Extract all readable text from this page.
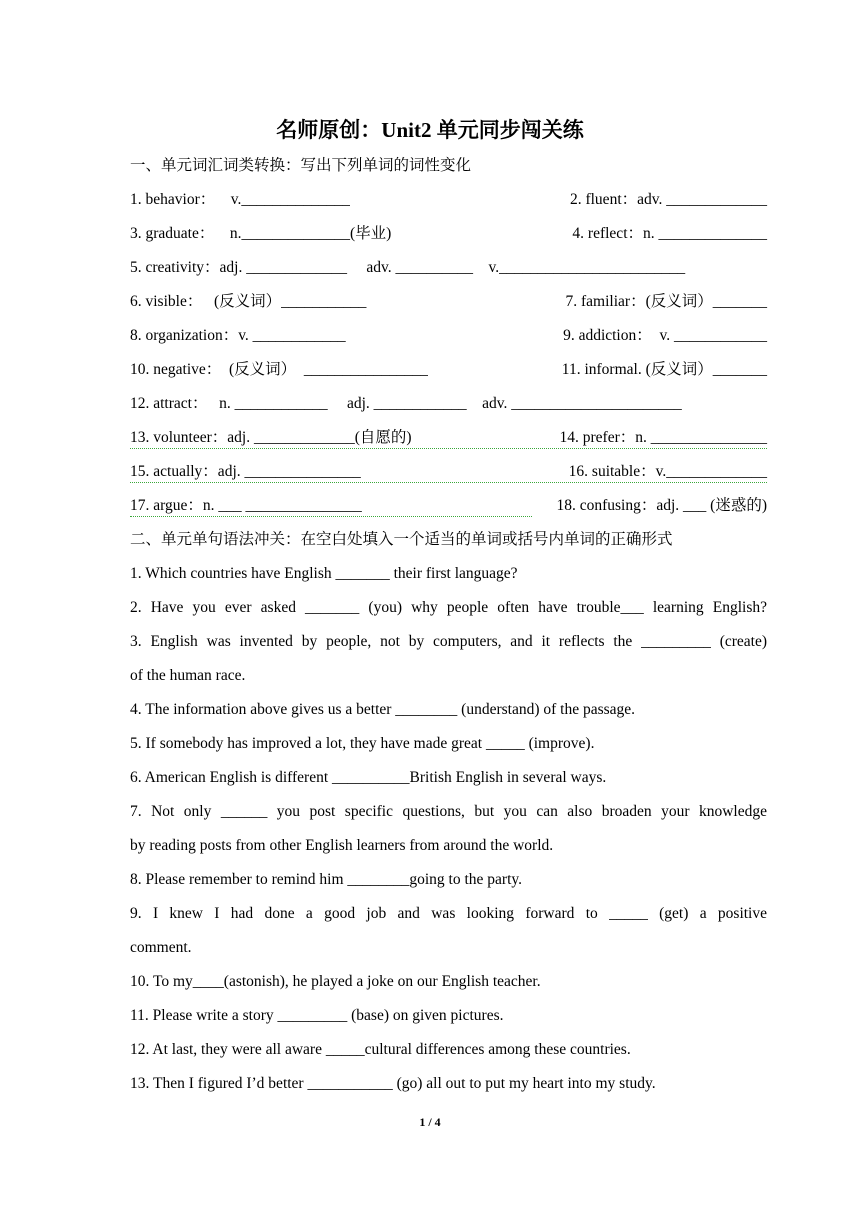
名师原创：Unit2 单元同步闯关练
一、单元词汇词类转换：写出下列单词的词性变化
1. behavior：    v.______________	2. fluent：adv. _____________
3. graduate：    n.______________(毕业)	4. reflect：n. ______________
5. creativity：adj. _____________     adv. __________    v.________________________
6. visible：   (反义词）___________	7. familiar：(反义词）_______
8. organization：v. ____________	9. addiction：  v. ____________
10. negative：  (反义词）  ________________	11. informal. (反义词）_______
12. attract：   n. ____________     adj. ____________    adv. ______________________
13. volunteer：adj. _____________(自愿的)	14. prefer：n. _______________
15. actually：adj. _______________	16. suitable：v._____________
17. argue：n. ___ _______________	18. confusing：adj. ___ (迷惑的)
二、单元单句语法冲关：在空白处填入一个适当的单词或括号内单词的正确形式
1. Which countries have English _______ their first language?
2. Have you ever asked _______ (you) why people often have trouble___ learning English?
3. English was invented by people, not by computers, and it reflects the _________ (create)
of the human race.
4. The information above gives us a better ________ (understand) of the passage.
5. If somebody has improved a lot, they have made great _____ (improve).
6. American English is different __________British English in several ways.
7. Not only ______ you post specific questions, but you can also broaden your knowledge
by reading posts from other English learners from around the world.
8. Please remember to remind him ________going to the party.
9. I knew I had done a good job and was looking forward to _____ (get) a positive
comment.
10. To my____(astonish), he played a joke on our English teacher.
11. Please write a story _________ (base) on given pictures.
12. At last, they were all aware _____cultural differences among these countries.
13. Then I figured I’d better ___________ (go) all out to put my heart into my study.
1 / 4
